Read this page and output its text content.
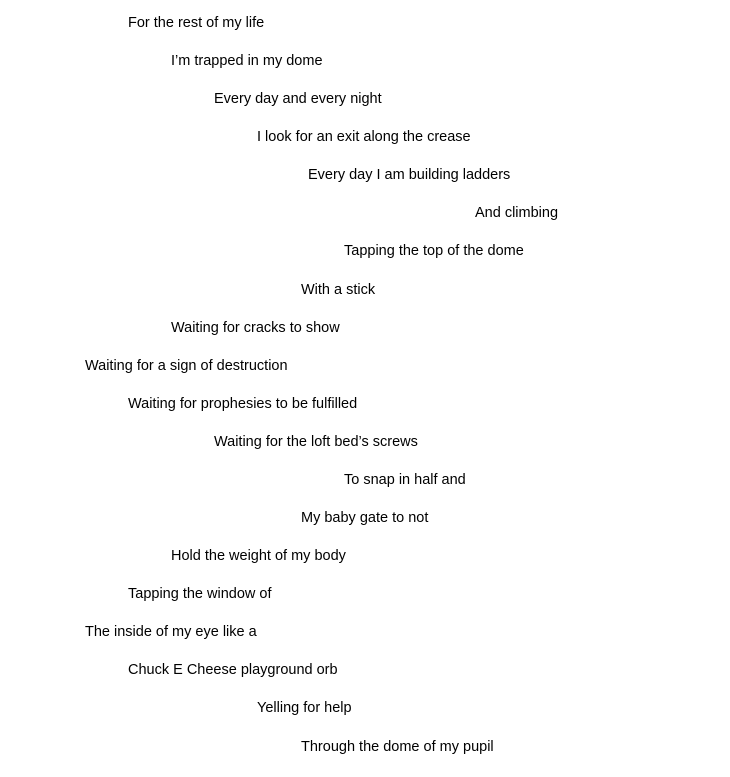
For the rest of my life
I’m trapped in my dome
Every day and every night
I look for an exit along the crease
Every day I am building ladders
And climbing
Tapping the top of the dome
With a stick
Waiting for cracks to show
Waiting for a sign of destruction
Waiting for prophesies to be fulfilled
Waiting for the loft bed’s screws
To snap in half and
My baby gate to not
Hold the weight of my body
Tapping the window of
The inside of my eye like a
Chuck E Cheese playground orb
Yelling for help
Through the dome of my pupil
